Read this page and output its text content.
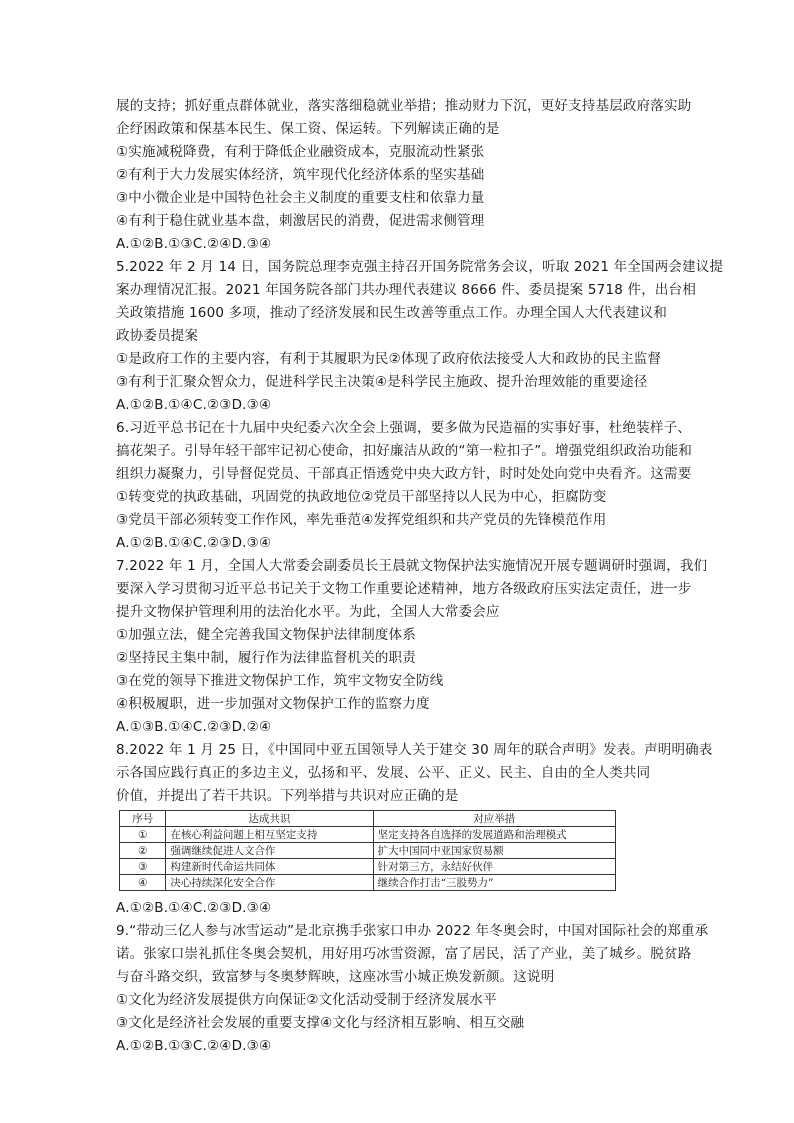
展的支持；抓好重点群体就业，落实落细稳就业举措；推动财力下沉，更好支持基层政府落实助
企纾困政策和保基本民生、保工资、保运转。下列解读正确的是
①实施减税降费，有利于降低企业融资成本，克服流动性紧张
②有利于大力发展实体经济，筑牢现代化经济体系的坚实基础
③中小微企业是中国特色社会主义制度的重要支柱和依靠力量
④有利于稳住就业基本盘，刺激居民的消费，促进需求侧管理
A.①②B.①③C.②④D.③④
5.2022 年 2 月 14 日，国务院总理李克强主持召开国务院常务会议，听取 2021 年全国两会建议提
案办理情况汇报。2021 年国务院各部门共办理代表建议 8666 件、委员提案 5718 件，出台相
关政策措施 1600 多项，推动了经济发展和民生改善等重点工作。办理全国人大代表建议和
政协委员提案
①是政府工作的主要内容，有利于其履职为民②体现了政府依法接受人大和政协的民主监督
③有利于汇聚众智众力，促进科学民主决策④是科学民主施政、提升治理效能的重要途径
A.①②B.①④C.②③D.③④
6.习近平总书记在十九届中央纪委六次全会上强调，要多做为民造福的实事好事，杜绝装样子、
搞花架子。引导年轻干部牢记初心使命，扣好廉洁从政的“第一粒扣子”。增强党组织政治功能和
组织力凝聚力，引导督促党员、干部真正悟透党中央大政方针，时时处处向党中央看齐。这需要
①转变党的执政基础，巩固党的执政地位②党员干部坚持以人民为中心，拒腐防变
③党员干部必须转变工作作风，率先垂范④发挥党组织和共产党员的先锋模范作用
A.①②B.①④C.②③D.③④
7.2022 年 1 月，全国人大常委会副委员长王晨就文物保护法实施情况开展专题调研时强调，我们
要深入学习贯彻习近平总书记关于文物工作重要论述精神，地方各级政府压实法定责任，进一步
提升文物保护管理利用的法治化水平。为此，全国人大常委会应
①加强立法，健全完善我国文物保护法律制度体系
②坚持民主集中制，履行作为法律监督机关的职责
③在党的领导下推进文物保护工作，筑牢文物安全防线
④积极履职，进一步加强对文物保护工作的监察力度
A.①③B.①④C.②③D.②④
8.2022 年 1 月 25 日，《中国同中亚五国领导人关于建交 30 周年的联合声明》发表。声明明确表
示各国应践行真正的多边主义，弘扬和平、发展、公平、正义、民主、自由的全人类共同
价值，并提出了若干共识。下列举措与共识对应正确的是
序号	达成共识	对应举措
①	在核心利益问题上相互坚定支持	坚定支持各自选择的发展道路和治理模式
②	强调继续促进人文合作	扩大中国同中亚国家贸易额
③	构建新时代命运共同体	针对第三方，永结好伙伴
④	决心持续深化安全合作	继续合作打击“三股势力”
A.①②B.①④C.②③D.③④
9.“带动三亿人参与冰雪运动”是北京携手张家口申办 2022 年冬奥会时，中国对国际社会的郑重承
诺。张家口崇礼抓住冬奥会契机，用好用巧冰雪资源，富了居民，活了产业，美了城乡。脱贫路
与奋斗路交织，致富梦与冬奥梦辉映，这座冰雪小城正焕发新颜。这说明
①文化为经济发展提供方向保证②文化活动受制于经济发展水平
③文化是经济社会发展的重要支撑④文化与经济相互影响、相互交融
A.①②B.①③C.②④D.③④
